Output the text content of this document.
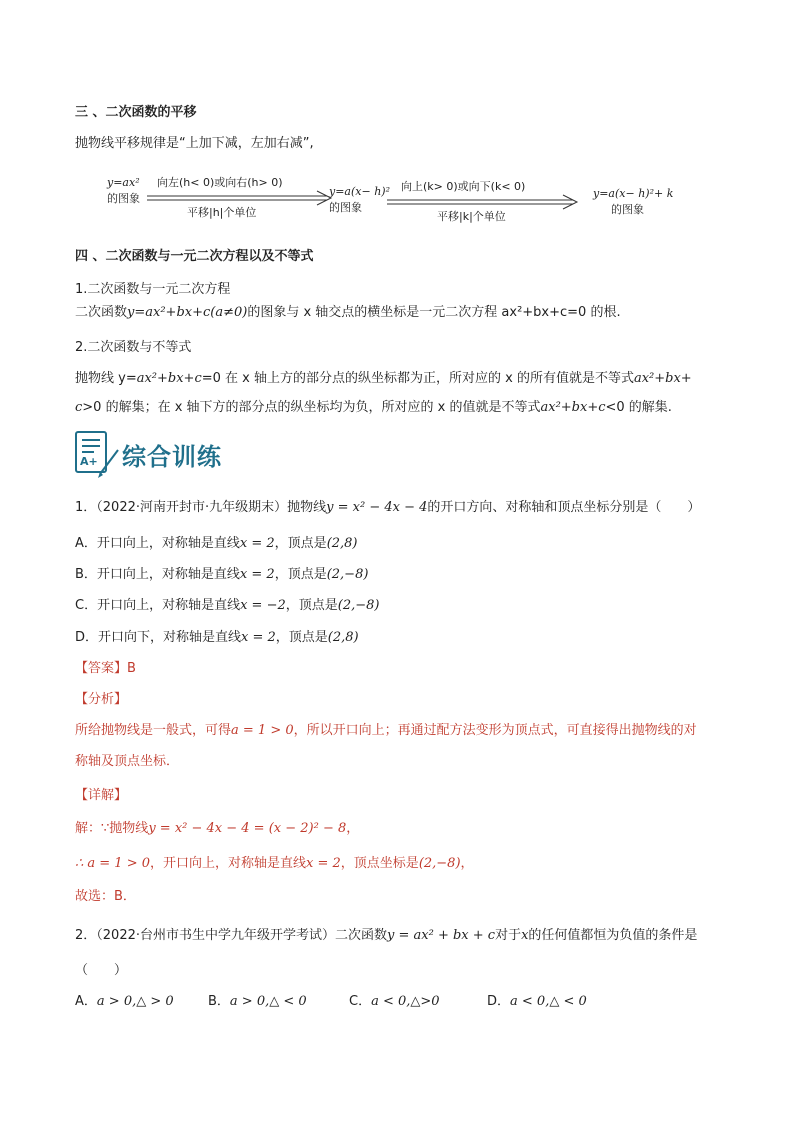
三 、二次函数的平移
抛物线平移规律是“上加下减，左加右减”,
y=ax²
的图象
向左(h< 0)或向右(h> 0)
平移|h|个单位
y=a(x− h)²
的图象
向上(k> 0)或向下(k< 0)
平移|k|个单位
y=a(x− h)²+ k
的图象
四 、二次函数与一元二次方程以及不等式
1.二次函数与一元二次方程
二次函数y=ax²+bx+c(a≠0)的图象与 x 轴交点的横坐标是一元二次方程 ax²+bx+c=0 的根.
2.二次函数与不等式
抛物线 y=ax²+bx+c=0 在 x 轴上方的部分点的纵坐标都为正，所对应的 x 的所有值就是不等式ax²+bx+
c>0 的解集；在 x 轴下方的部分点的纵坐标均为负，所对应的 x 的值就是不等式ax²+bx+c<0 的解集.
A+ 综合训练
1．（2022·河南开封市·九年级期末）抛物线y = x² − 4x − 4的开口方向、对称轴和顶点坐标分别是（　　）
A．开口向上，对称轴是直线x = 2，顶点是(2,8)
B．开口向上，对称轴是直线x = 2，顶点是(2,−8)
C．开口向上，对称轴是直线x = −2，顶点是(2,−8)
D．开口向下，对称轴是直线x = 2，顶点是(2,8)
【答案】B
【分析】
所给抛物线是一般式，可得a = 1 > 0，所以开口向上；再通过配方法变形为顶点式，可直接得出抛物线的对
称轴及顶点坐标．
【详解】
解：∵抛物线y = x² − 4x − 4 = (x − 2)² − 8，
∴ a = 1 > 0，开口向上，对称轴是直线x = 2，顶点坐标是(2,−8)，
故选：B．
2．（2022·台州市书生中学九年级开学考试）二次函数y = ax² + bx + c对于x的任何值都恒为负值的条件是
（　　）
A．a > 0,△ > 0	B．a > 0,△ < 0	C．a < 0,△>0	D．a < 0,△ < 0
